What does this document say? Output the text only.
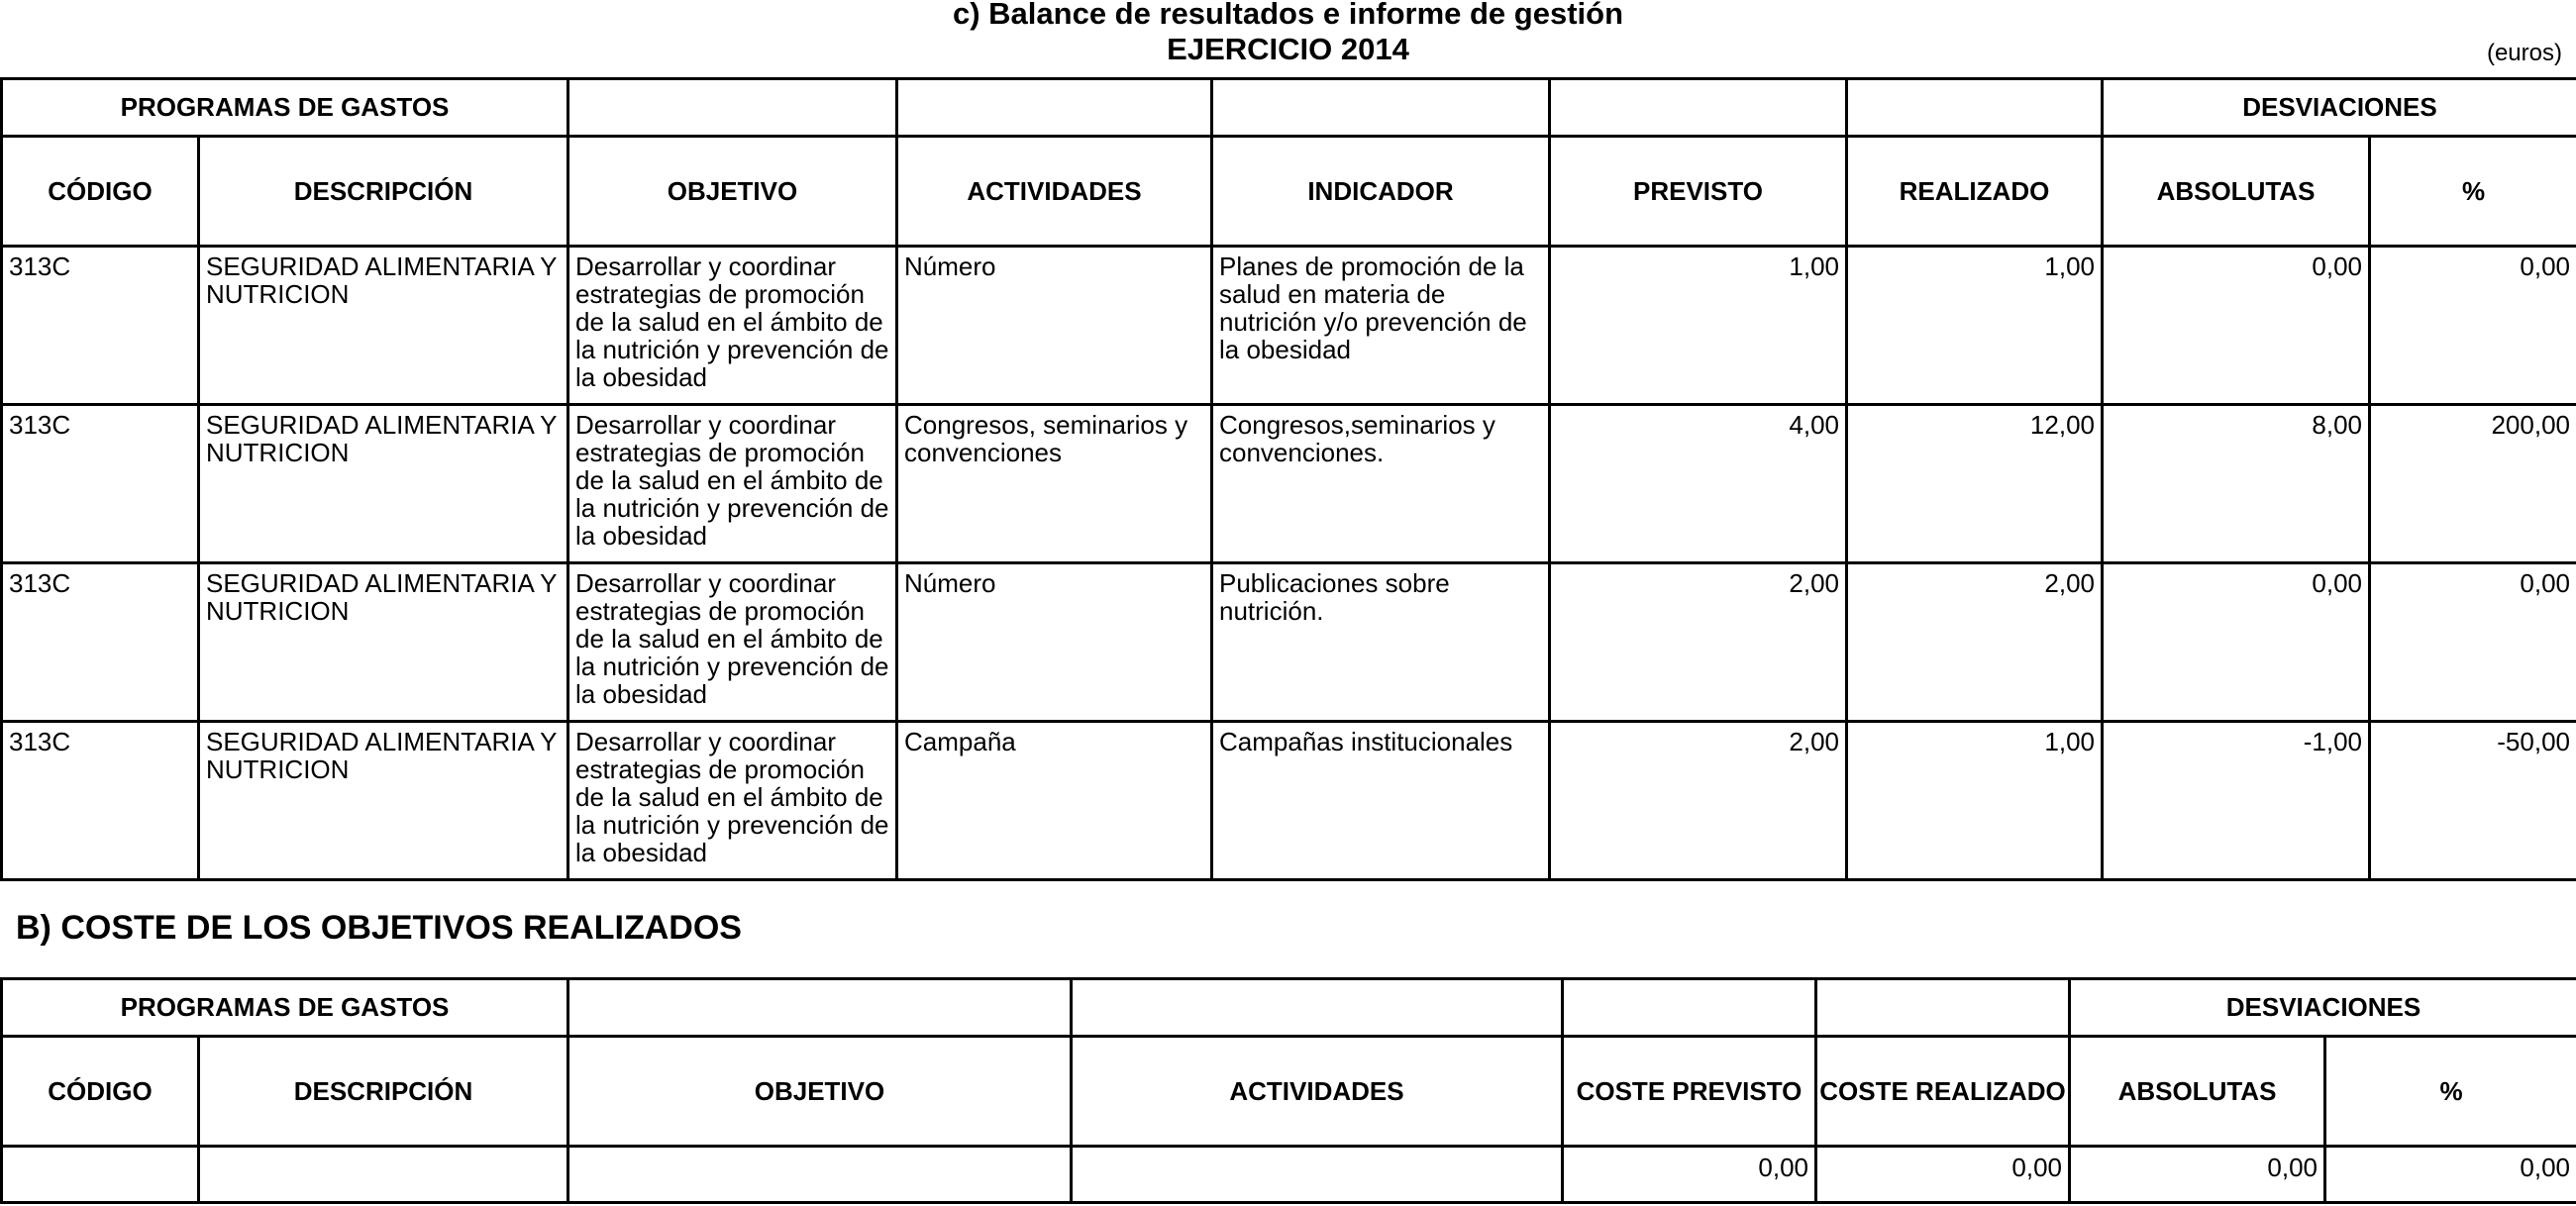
c) Balance de resultados e informe de gestión
EJERCICIO 2014	(euros)
PROGRAMAS DE GASTOS							DESVIACIONES	
CÓDIGO	DESCRIPCIÓN	OBJETIVO	ACTIVIDADES	INDICADOR	PREVISTO	REALIZADO	ABSOLUTAS	%
313C	SEGURIDAD ALIMENTARIA Y NUTRICION	Desarrollar y coordinar estrategias de promoción de la salud en el ámbito de la nutrición y prevención de la obesidad	Número	Planes de promoción de la salud en materia de nutrición y/o prevención de la obesidad	1,00	1,00	0,00	0,00
313C	SEGURIDAD ALIMENTARIA Y NUTRICION	Desarrollar y coordinar estrategias de promoción de la salud en el ámbito de la nutrición y prevención de la obesidad	Congresos, seminarios y convenciones	Congresos,seminarios y convenciones.	4,00	12,00	8,00	200,00
313C	SEGURIDAD ALIMENTARIA Y NUTRICION	Desarrollar y coordinar estrategias de promoción de la salud en el ámbito de la nutrición y prevención de la obesidad	Número	Publicaciones sobre nutrición.	2,00	2,00	0,00	0,00
313C	SEGURIDAD ALIMENTARIA Y NUTRICION	Desarrollar y coordinar estrategias de promoción de la salud en el ámbito de la nutrición y prevención de la obesidad	Campaña	Campañas institucionales	2,00	1,00	-1,00	-50,00
B) COSTE DE LOS OBJETIVOS REALIZADOS
PROGRAMAS DE GASTOS						DESVIACIONES	
CÓDIGO	DESCRIPCIÓN	OBJETIVO	ACTIVIDADES	COSTE PREVISTO	COSTE REALIZADO	ABSOLUTAS	%
				0,00	0,00	0,00	0,00
